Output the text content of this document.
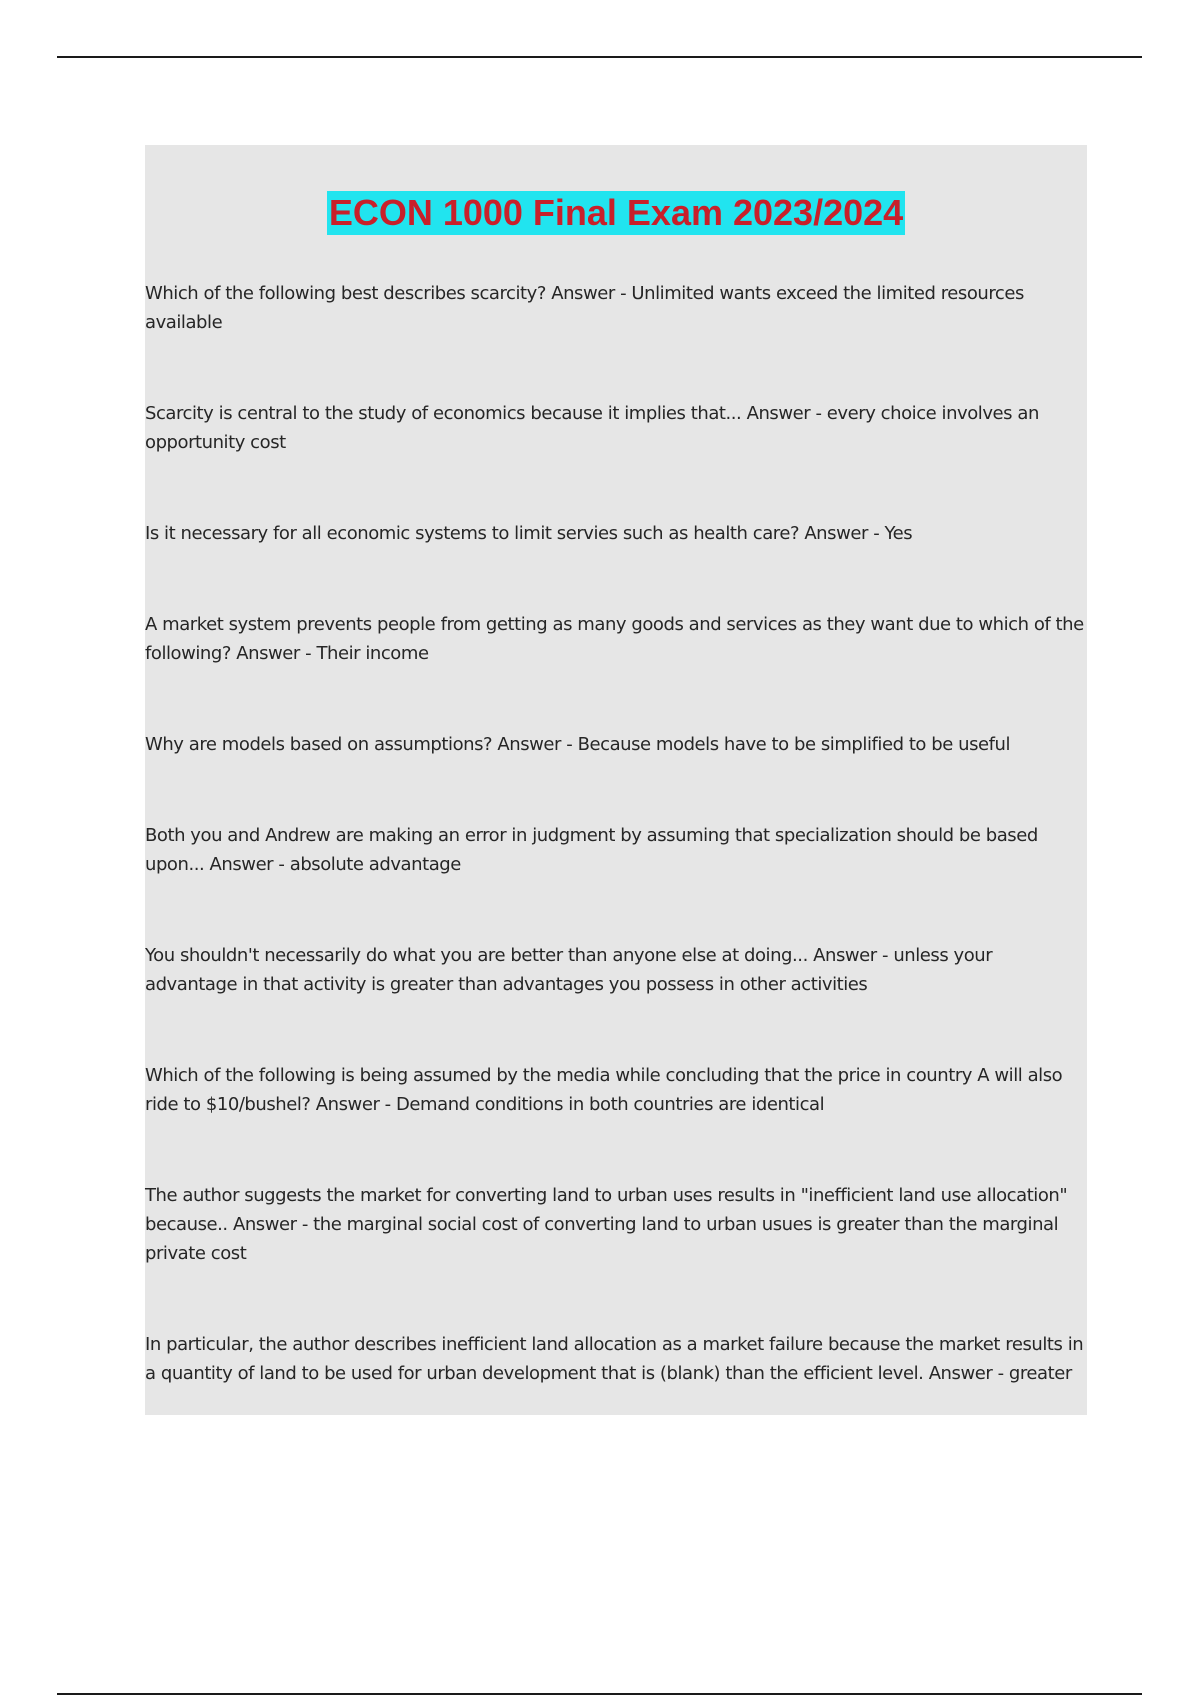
ECON 1000 Final Exam 2023/2024

Which of the following best describes scarcity? Answer - Unlimited wants exceed the limited resources available

Scarcity is central to the study of economics because it implies that... Answer - every choice involves an opportunity cost

Is it necessary for all economic systems to limit servies such as health care? Answer - Yes

A market system prevents people from getting as many goods and services as they want due to which of the following? Answer - Their income

Why are models based on assumptions? Answer - Because models have to be simplified to be useful

Both you and Andrew are making an error in judgment by assuming that specialization should be based upon... Answer - absolute advantage

You shouldn't necessarily do what you are better than anyone else at doing... Answer - unless your advantage in that activity is greater than advantages you possess in other activities

Which of the following is being assumed by the media while concluding that the price in country A will also ride to $10/bushel? Answer - Demand conditions in both countries are identical

The author suggests the market for converting land to urban uses results in "inefficient land use allocation" because.. Answer - the marginal social cost of converting land to urban usues is greater than the marginal private cost

In particular, the author describes inefficient land allocation as a market failure because the market results in a quantity of land to be used for urban development that is (blank) than the efficient level. Answer - greater
